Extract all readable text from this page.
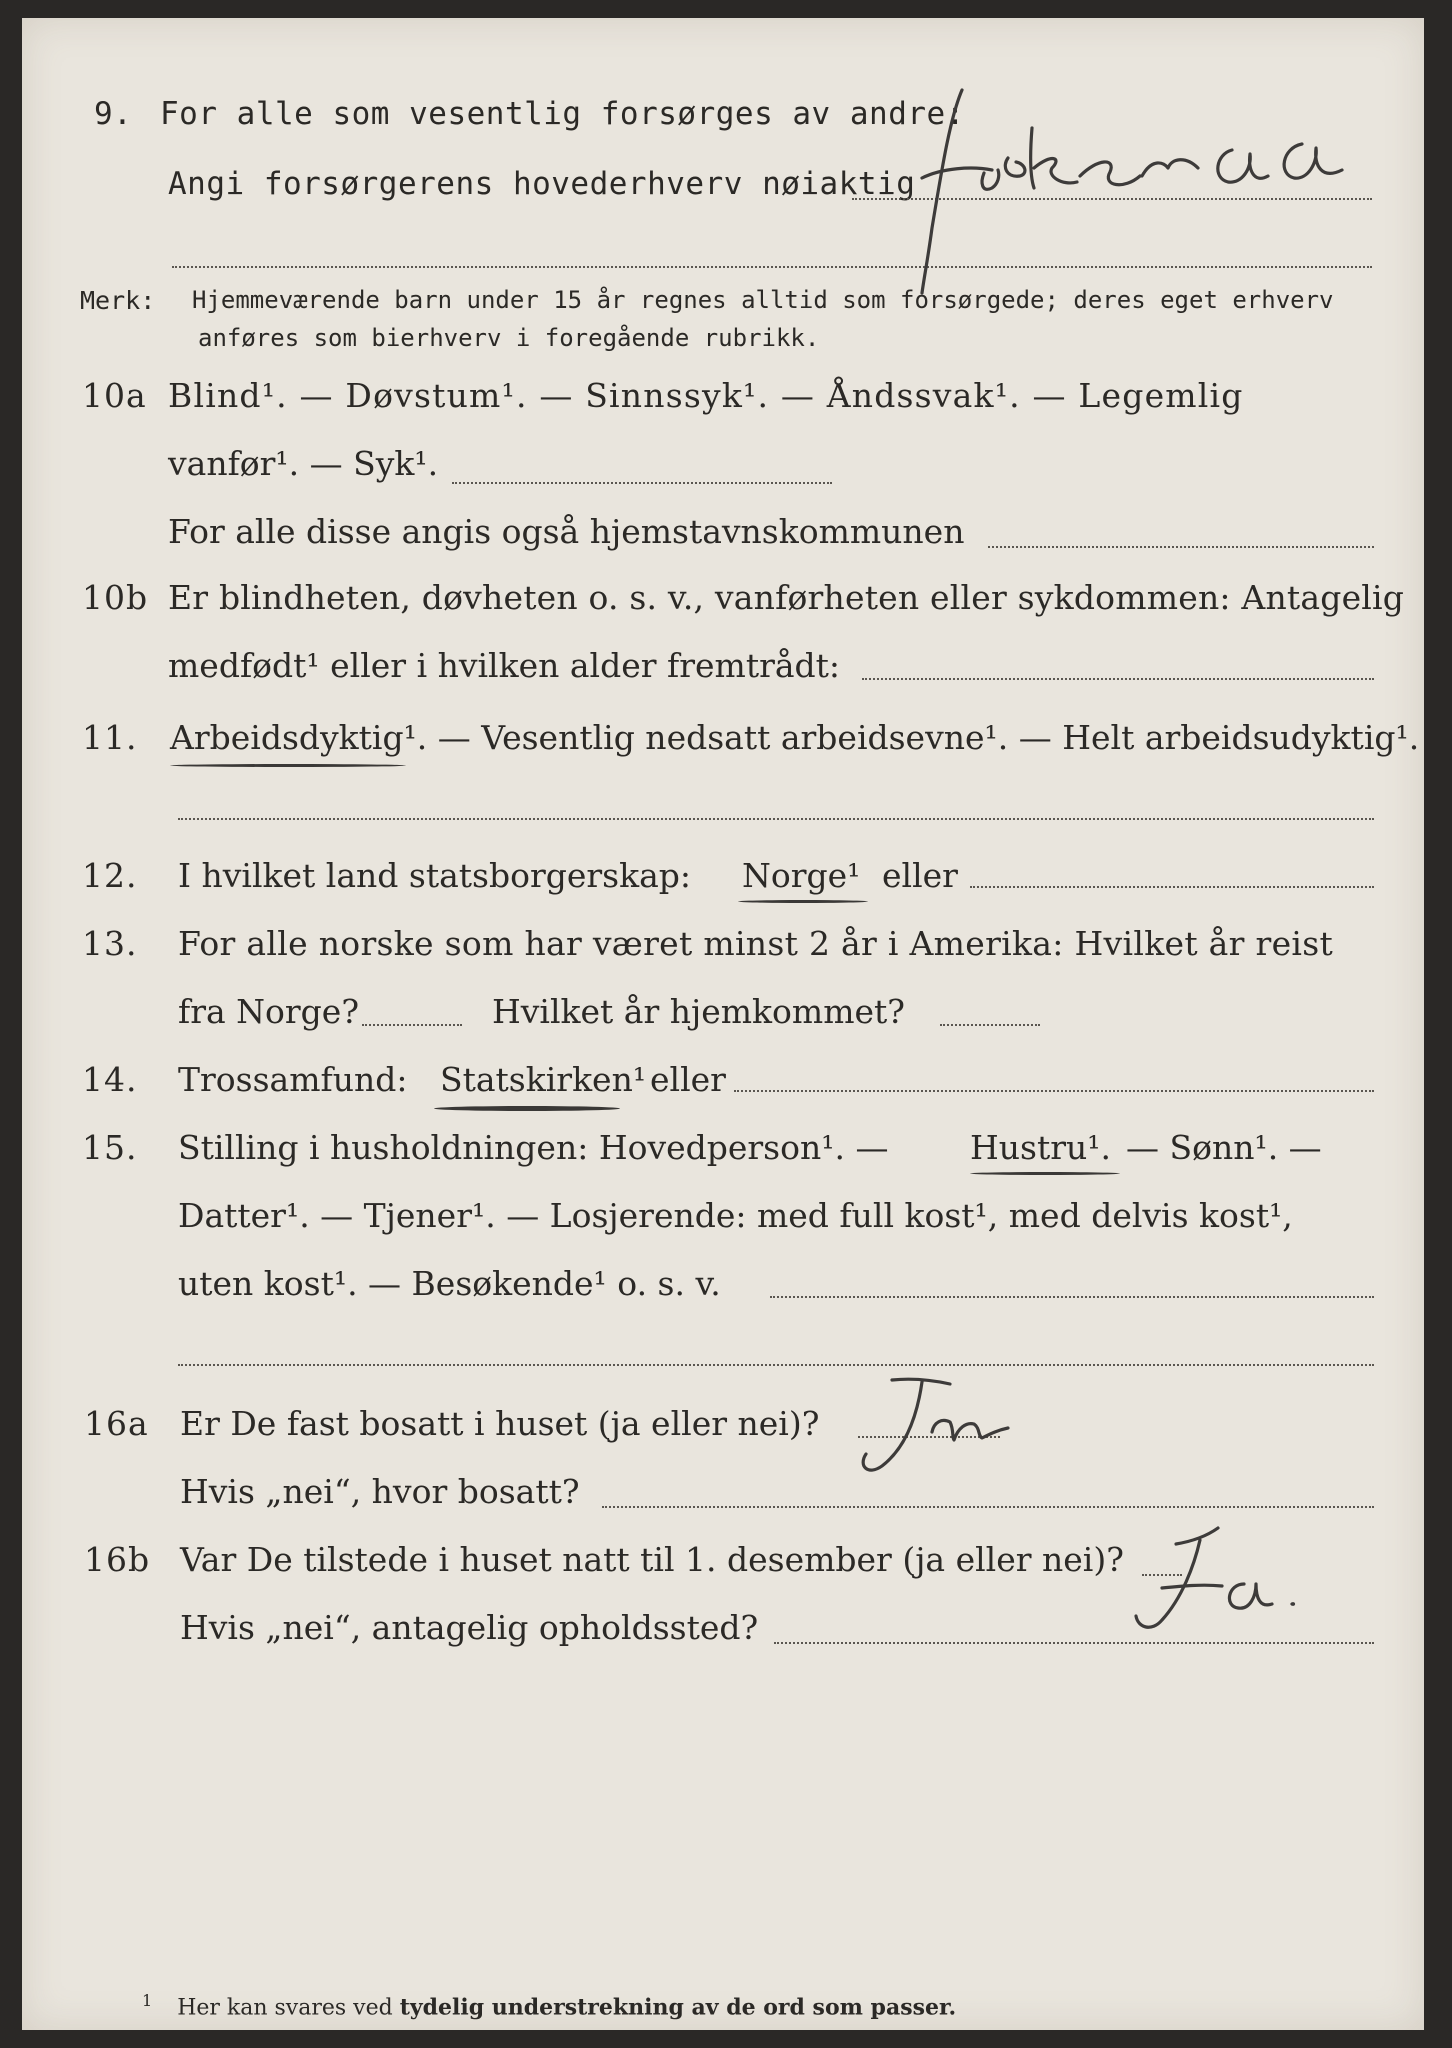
9. For alle som vesentlig forsørges av andre:
Angi forsørgerens hovederhverv nøiaktig
fisker a
Merk: Hjemmeværende barn under 15 år regnes alltid som forsørgede; deres eget erhverv
anføres som bierhverv i foregående rubrikk.
10a Blind¹. — Døvstum¹. — Sinnssyk¹. — Åndssvak¹. — Legemlig
vanfør¹. — Syk¹.
For alle disse angis også hjemstavnskommunen
10b Er blindheten, døvheten o. s. v., vanførheten eller sykdommen: Antagelig
medfødt¹ eller i hvilken alder fremtrådt:
11. Arbeidsdyktig¹. — Vesentlig nedsatt arbeidsevne¹. — Helt arbeidsudyktig¹.
12. I hvilket land statsborgerskap: Norge¹ eller
13. For alle norske som har været minst 2 år i Amerika: Hvilket år reist
fra Norge?	Hvilket år hjemkommet?
14. Trossamfund: Statskirken¹ eller
15. Stilling i husholdningen: Hovedperson¹. — Hustru¹. — Sønn¹. —
Datter¹. — Tjener¹. — Losjerende: med full kost¹, med delvis kost¹,
uten kost¹. — Besøkende¹ o. s. v.
16a Er De fast bosatt i huset (ja eller nei)?
Hvis „nei“, hvor bosatt?
Ja
16b Var De tilstede i huset natt til 1. desember (ja eller nei)?
Hvis „nei“, antagelig opholdssted?
Ja.
$^1$ Her kan svares ved tydelig understrekning av de ord som passer.
